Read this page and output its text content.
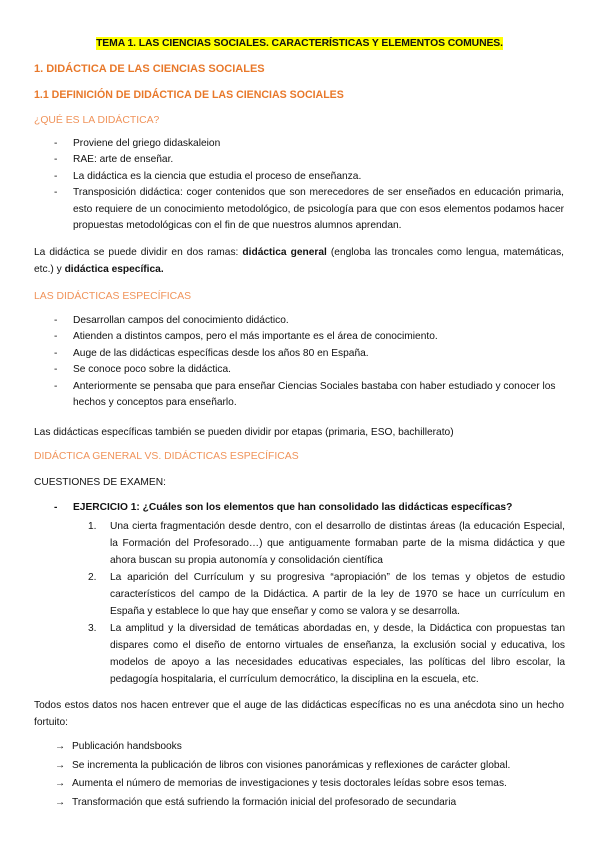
TEMA 1. LAS CIENCIAS SOCIALES. CARACTERÍSTICAS Y ELEMENTOS COMUNES.
1. DIDÁCTICA DE LAS CIENCIAS SOCIALES
1.1 DEFINICIÓN DE DIDÁCTICA DE LAS CIENCIAS SOCIALES
¿QUÉ ES LA DIDÁCTICA?
- Proviene del griego didaskaleion
- RAE: arte de enseñar.
- La didáctica es la ciencia que estudia el proceso de enseñanza.
- Transposición didáctica: coger contenidos que son merecedores de ser enseñados en educación primaria, esto requiere de un conocimiento metodológico, de psicología para que con esos elementos podamos hacer propuestas metodológicas con el fin de que nuestros alumnos aprendan.
La didáctica se puede dividir en dos ramas: didáctica general (engloba las troncales como lengua, matemáticas, etc.) y didáctica específica.
LAS DIDÁCTICAS ESPECÍFICAS
- Desarrollan campos del conocimiento didáctico.
- Atienden a distintos campos, pero el más importante es el área de conocimiento.
- Auge de las didácticas específicas desde los años 80 en España.
- Se conoce poco sobre la didáctica.
- Anteriormente se pensaba que para enseñar Ciencias Sociales bastaba con haber estudiado y conocer los hechos y conceptos para enseñarlo.
Las didácticas específicas también se pueden dividir por etapas (primaria, ESO, bachillerato)
DIDÁCTICA GENERAL VS. DIDÁCTICAS ESPECÍFICAS
CUESTIONES DE EXAMEN:
- EJERCICIO 1: ¿Cuáles son los elementos que han consolidado las didácticas específicas?
1. Una cierta fragmentación desde dentro, con el desarrollo de distintas áreas (la educación Especial, la Formación del Profesorado…) que antiguamente formaban parte de la misma didáctica y que ahora buscan su propia autonomía y consolidación científica
2. La aparición del Currículum y su progresiva “apropiación” de los temas y objetos de estudio característicos del campo de la Didáctica. A partir de la ley de 1970 se hace un currículum en España y establece lo que hay que enseñar y como se valora y se desarrolla.
3. La amplitud y la diversidad de temáticas abordadas en, y desde, la Didáctica con propuestas tan dispares como el diseño de entorno virtuales de enseñanza, la exclusión social y educativa, los modelos de apoyo a las necesidades educativas especiales, las políticas del libro escolar, la pedagogía hospitalaria, el currículum democrático, la disciplina en la escuela, etc.
Todos estos datos nos hacen entrever que el auge de las didácticas específicas no es una anécdota sino un hecho fortuito:
→ Publicación handsbooks
→ Se incrementa la publicación de libros con visiones panorámicas y reflexiones de carácter global.
→ Aumenta el número de memorias de investigaciones y tesis doctorales leídas sobre esos temas.
→ Transformación que está sufriendo la formación inicial del profesorado de secundaria
